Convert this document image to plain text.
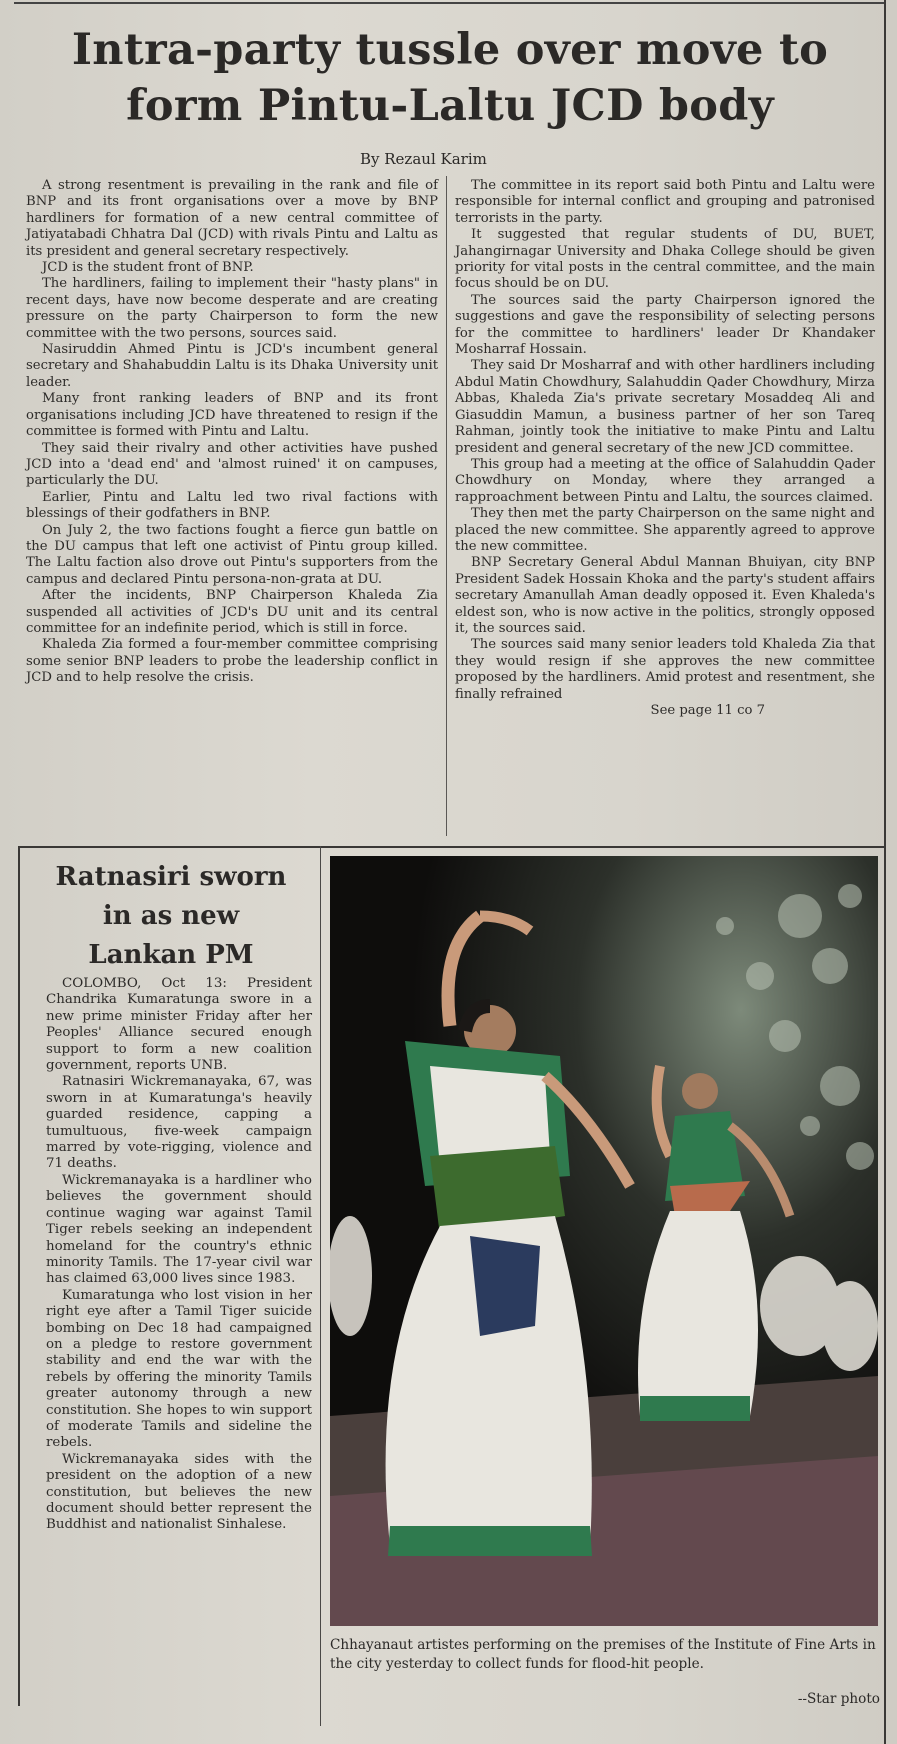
Intra-party tussle over move to
form Pintu-Laltu JCD body
By Rezaul Karim

A strong resentment is prevailing in the rank and file of BNP and its front organisations over a move by BNP hardliners for formation of a new central committee of Jatiyatabadi Chhatra Dal (JCD) with rivals Pintu and Laltu as its president and general secretary respectively.

JCD is the student front of BNP.

The hardliners, failing to implement their "hasty plans" in recent days, have now become desperate and are creating pressure on the party Chairperson to form the new committee with the two persons, sources said.

Nasiruddin Ahmed Pintu is JCD's incumbent general secretary and Shahabuddin Laltu is its Dhaka University unit leader.

Many front ranking leaders of BNP and its front organisations including JCD have threatened to resign if the committee is formed with Pintu and Laltu.

They said their rivalry and other activities have pushed JCD into a 'dead end' and 'almost ruined' it on campuses, particularly the DU.

Earlier, Pintu and Laltu led two rival factions with blessings of their godfathers in BNP.

On July 2, the two factions fought a fierce gun battle on the DU campus that left one activist of Pintu group killed. The Laltu faction also drove out Pintu's supporters from the campus and declared Pintu persona-non-grata at DU.

After the incidents, BNP Chairperson Khaleda Zia suspended all activities of JCD's DU unit and its central committee for an indefinite period, which is still in force.

Khaleda Zia formed a four-member committee comprising some senior BNP leaders to probe the leadership conflict in JCD and to help resolve the crisis.

The committee in its report said both Pintu and Laltu were responsible for internal conflict and grouping and patronised terrorists in the party.

It suggested that regular students of DU, BUET, Jahangirnagar University and Dhaka College should be given priority for vital posts in the central committee, and the main focus should be on DU.

The sources said the party Chairperson ignored the suggestions and gave the responsibility of selecting persons for the committee to hardliners' leader Dr Khandaker Mosharraf Hossain.

They said Dr Mosharraf and with other hardliners including Abdul Matin Chowdhury, Salahuddin Qader Chowdhury, Mirza Abbas, Khaleda Zia's private secretary Mosaddeq Ali and Giasuddin Mamun, a business partner of her son Tareq Rahman, jointly took the initiative to make Pintu and Laltu president and general secretary of the new JCD committee.

This group had a meeting at the office of Salahuddin Qader Chowdhury on Monday, where they arranged a rapproachment between Pintu and Laltu, the sources claimed.

They then met the party Chairperson on the same night and placed the new committee. She apparently agreed to approve the new committee.

BNP Secretary General Abdul Mannan Bhuiyan, city BNP President Sadek Hossain Khoka and the party's student affairs secretary Amanullah Aman deadly opposed it. Even Khaleda's eldest son, who is now active in the politics, strongly opposed it, the sources said.

The sources said many senior leaders told Khaleda Zia that they would resign if she approves the new committee proposed by the hardliners. Amid protest and resentment, she finally refrained

See page 11 co 7

Ratnasiri sworn
in as new
Lankan PM

COLOMBO, Oct 13: President Chandrika Kumaratunga swore in a new prime minister Friday after her Peoples' Alliance secured enough support to form a new coalition government, reports UNB.

Ratnasiri Wickremanayaka, 67, was sworn in at Kumaratunga's heavily guarded residence, capping a tumultuous, five-week campaign marred by vote-rigging, violence and 71 deaths.

Wickremanayaka is a hardliner who believes the government should continue waging war against Tamil Tiger rebels seeking an independent homeland for the country's ethnic minority Tamils. The 17-year civil war has claimed 63,000 lives since 1983.

Kumaratunga who lost vision in her right eye after a Tamil Tiger suicide bombing on Dec 18 had campaigned on a pledge to restore government stability and end the war with the rebels by offering the minority Tamils greater autonomy through a new constitution. She hopes to win support of moderate Tamils and sideline the rebels.

Wickremanayaka sides with the president on the adoption of a new constitution, but believes the new document should better represent the Buddhist and nationalist Sinhalese.

Chhayanaut artistes performing on the premises of the Institute of Fine Arts in the city yesterday to collect funds for flood-hit people.
--Star photo
